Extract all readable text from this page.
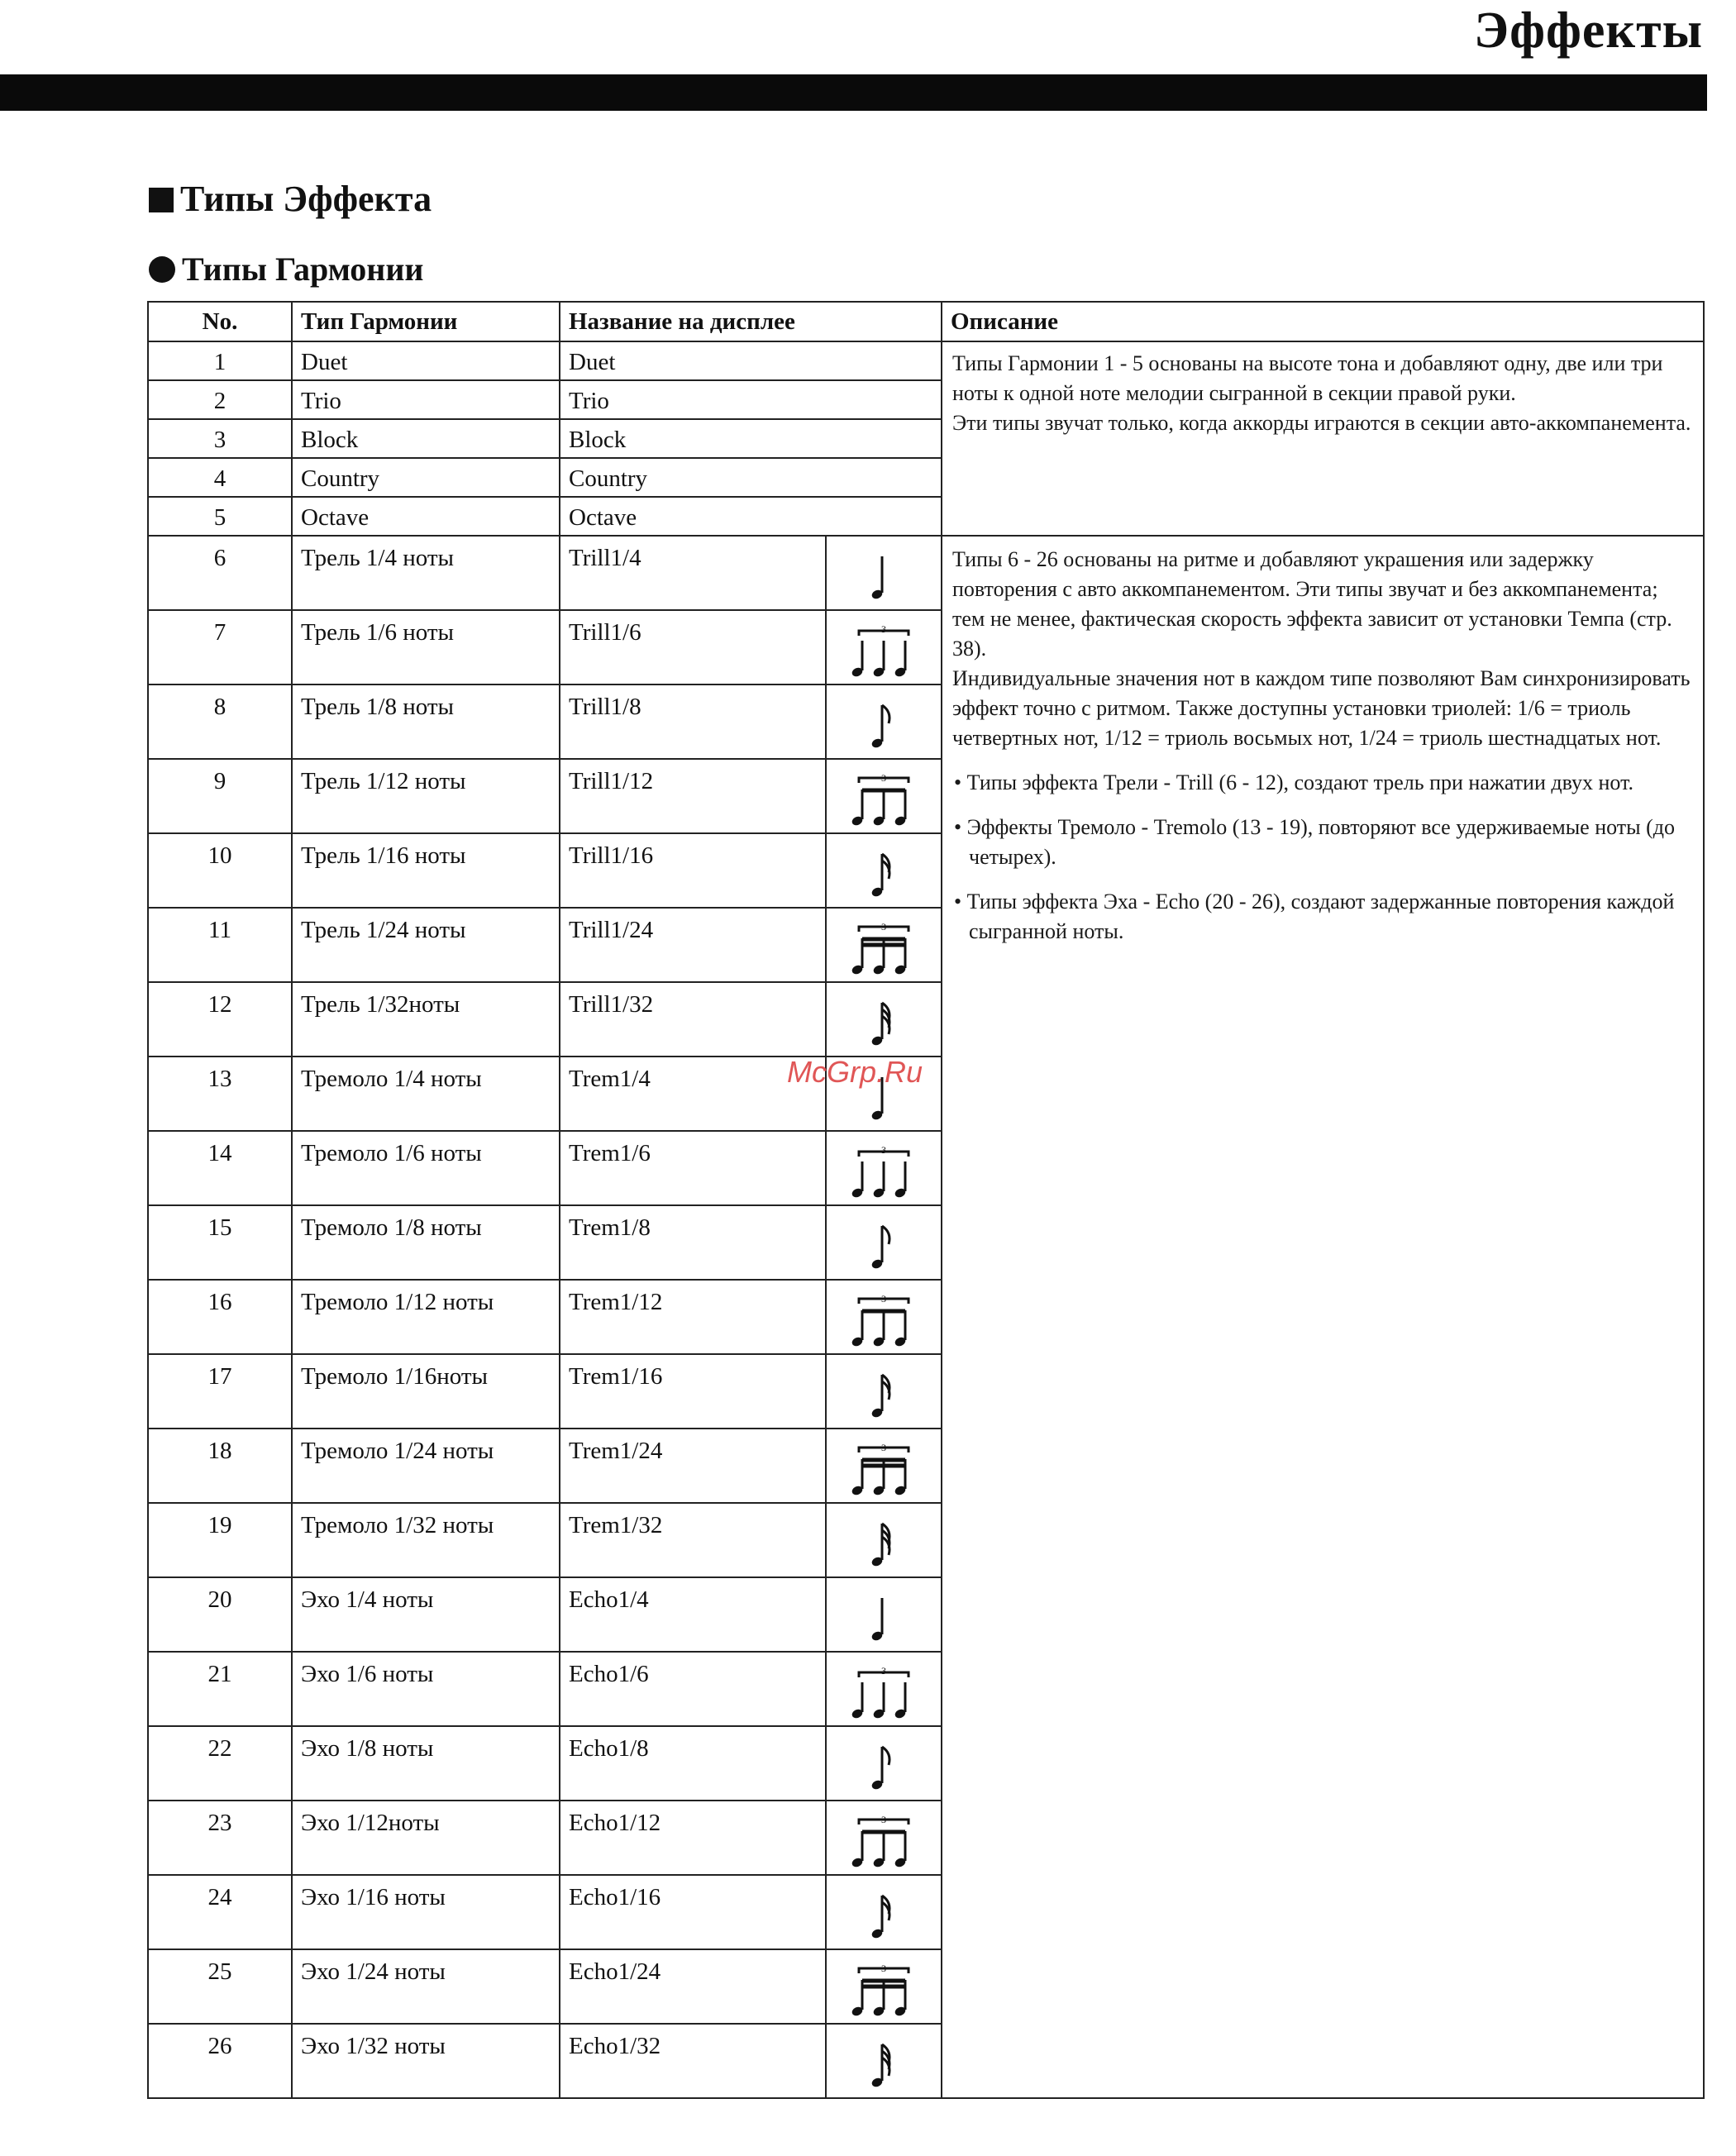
Эффекты
Типы Эффекта
Типы Гармонии
No.	Тип Гармонии	Название на дисплее		Описание
1	Duet	Duet		Типы Гармонии 1 - 5 основаны на высоте тона и добавляют одну, две или три ноты к одной ноте мелодии сыгранной в секции правой руки.

Эти типы звучат только, когда аккорды играются в секции авто-аккомпанемента.

2	Trio	Trio		
3	Block	Block		
4	Country	Country		
5	Octave	Octave		
6	Трель 1/4 ноты	Trill1/4		Типы 6 - 26 основаны на ритме и добавляют украшения или задержку повторения с авто аккомпанементом. Эти типы звучат и без аккомпанемента; тем не менее, фактическая скорость эффекта зависит от установки Темпа (стр. 38).

Индивидуальные значения нот в каждом типе позволяют Вам синхронизировать эффект точно с ритмом. Также доступны установки триолей: 1/6 = триоль четвертных нот, 1/12 = триоль восьмых нот, 1/24 = триоль шестнадцатых нот.

• Типы эффекта Трели - Trill (6 - 12), создают трель при нажатии двух нот.

• Эффекты Тремоло - Tremolo (13 - 19), повторяют все удерживаемые ноты (до четырех).

• Типы эффекта Эха - Echo (20 - 26), создают задержанные повторения каждой сыгранной ноты.

7	Трель 1/6 ноты	Trill1/6	3	

8	Трель 1/8 ноты	Trill1/8	

9	Трель 1/12 ноты	Trill1/12	3	

10	Трель 1/16 ноты	Trill1/16	

11	Трель 1/24 ноты	Trill1/24	3	

12	Трель 1/32ноты	Trill1/32	

13	Тремоло 1/4 ноты	Trem1/4	

14	Тремоло 1/6 ноты	Trem1/6	3	

15	Тремоло 1/8 ноты	Trem1/8	

16	Тремоло 1/12 ноты	Trem1/12	3	

17	Тремоло 1/16ноты	Trem1/16	

18	Тремоло 1/24 ноты	Trem1/24	3	

19	Тремоло 1/32 ноты	Trem1/32	

20	Эхо 1/4 ноты	Echo1/4	

21	Эхо 1/6 ноты	Echo1/6	3	

22	Эхо 1/8 ноты	Echo1/8	

23	Эхо 1/12ноты	Echo1/12	3	

24	Эхо 1/16 ноты	Echo1/16	

25	Эхо 1/24 ноты	Echo1/24	3	

26	Эхо 1/32 ноты	Echo1/32	
McGrp.Ru
